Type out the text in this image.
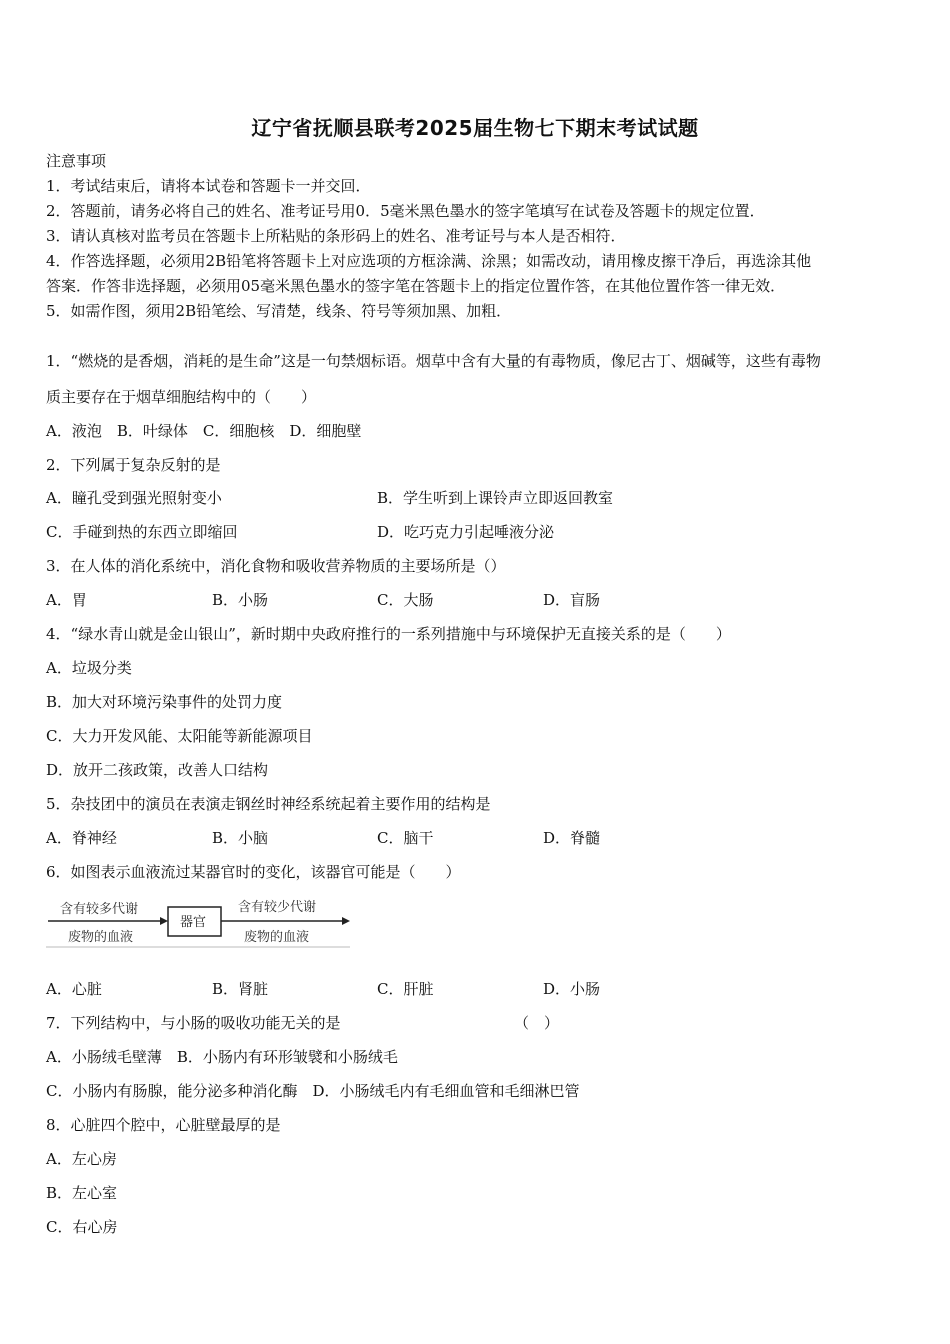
辽宁省抚顺县联考2025届生物七下期末考试试题
注意事项
1．考试结束后，请将本试卷和答题卡一并交回．
2．答题前，请务必将自己的姓名、准考证号用0．5毫米黑色墨水的签字笔填写在试卷及答题卡的规定位置．
3．请认真核对监考员在答题卡上所粘贴的条形码上的姓名、准考证号与本人是否相符．
4．作答选择题，必须用2B铅笔将答题卡上对应选项的方框涂满、涂黑；如需改动，请用橡皮擦干净后，再选涂其他
答案．作答非选择题，必须用05毫米黑色墨水的签字笔在答题卡上的指定位置作答，在其他位置作答一律无效．
5．如需作图，须用2B铅笔绘、写清楚，线条、符号等须加黑、加粗．
1．“燃烧的是香烟，消耗的是生命”这是一句禁烟标语。烟草中含有大量的有毒物质，像尼古丁、烟碱等，这些有毒物
质主要存在于烟草细胞结构中的（　　）
A．液泡　B．叶绿体　C．细胞核　D．细胞壁
2．下列属于复杂反射的是
A．瞳孔受到强光照射变小	B．学生听到上课铃声立即返回教室
C．手碰到热的东西立即缩回	D．吃巧克力引起唾液分泌
3．在人体的消化系统中，消化食物和吸收营养物质的主要场所是（）
A．胃	B．小肠	C．大肠	D．盲肠
4．“绿水青山就是金山银山”，新时期中央政府推行的一系列措施中与环境保护无直接关系的是（　　）
A．垃圾分类
B．加大对环境污染事件的处罚力度
C．大力开发风能、太阳能等新能源项目
D．放开二孩政策，改善人口结构
5．杂技团中的演员在表演走钢丝时神经系统起着主要作用的结构是
A．脊神经	B．小脑	C．脑干	D．脊髓
6．如图表示血液流过某器官时的变化，该器官可能是（　　）
含有较多代谢
废物的血液
器官
含有较少代谢
废物的血液
A．心脏	B．肾脏	C．肝脏	D．小肠
7．下列结构中，与小肠的吸收功能无关的是	（　）
A．小肠绒毛壁薄　B．小肠内有环形皱襞和小肠绒毛
C．小肠内有肠腺，能分泌多种消化酶　D．小肠绒毛内有毛细血管和毛细淋巴管
8．心脏四个腔中，心脏壁最厚的是
A．左心房
B．左心室
C．右心房
